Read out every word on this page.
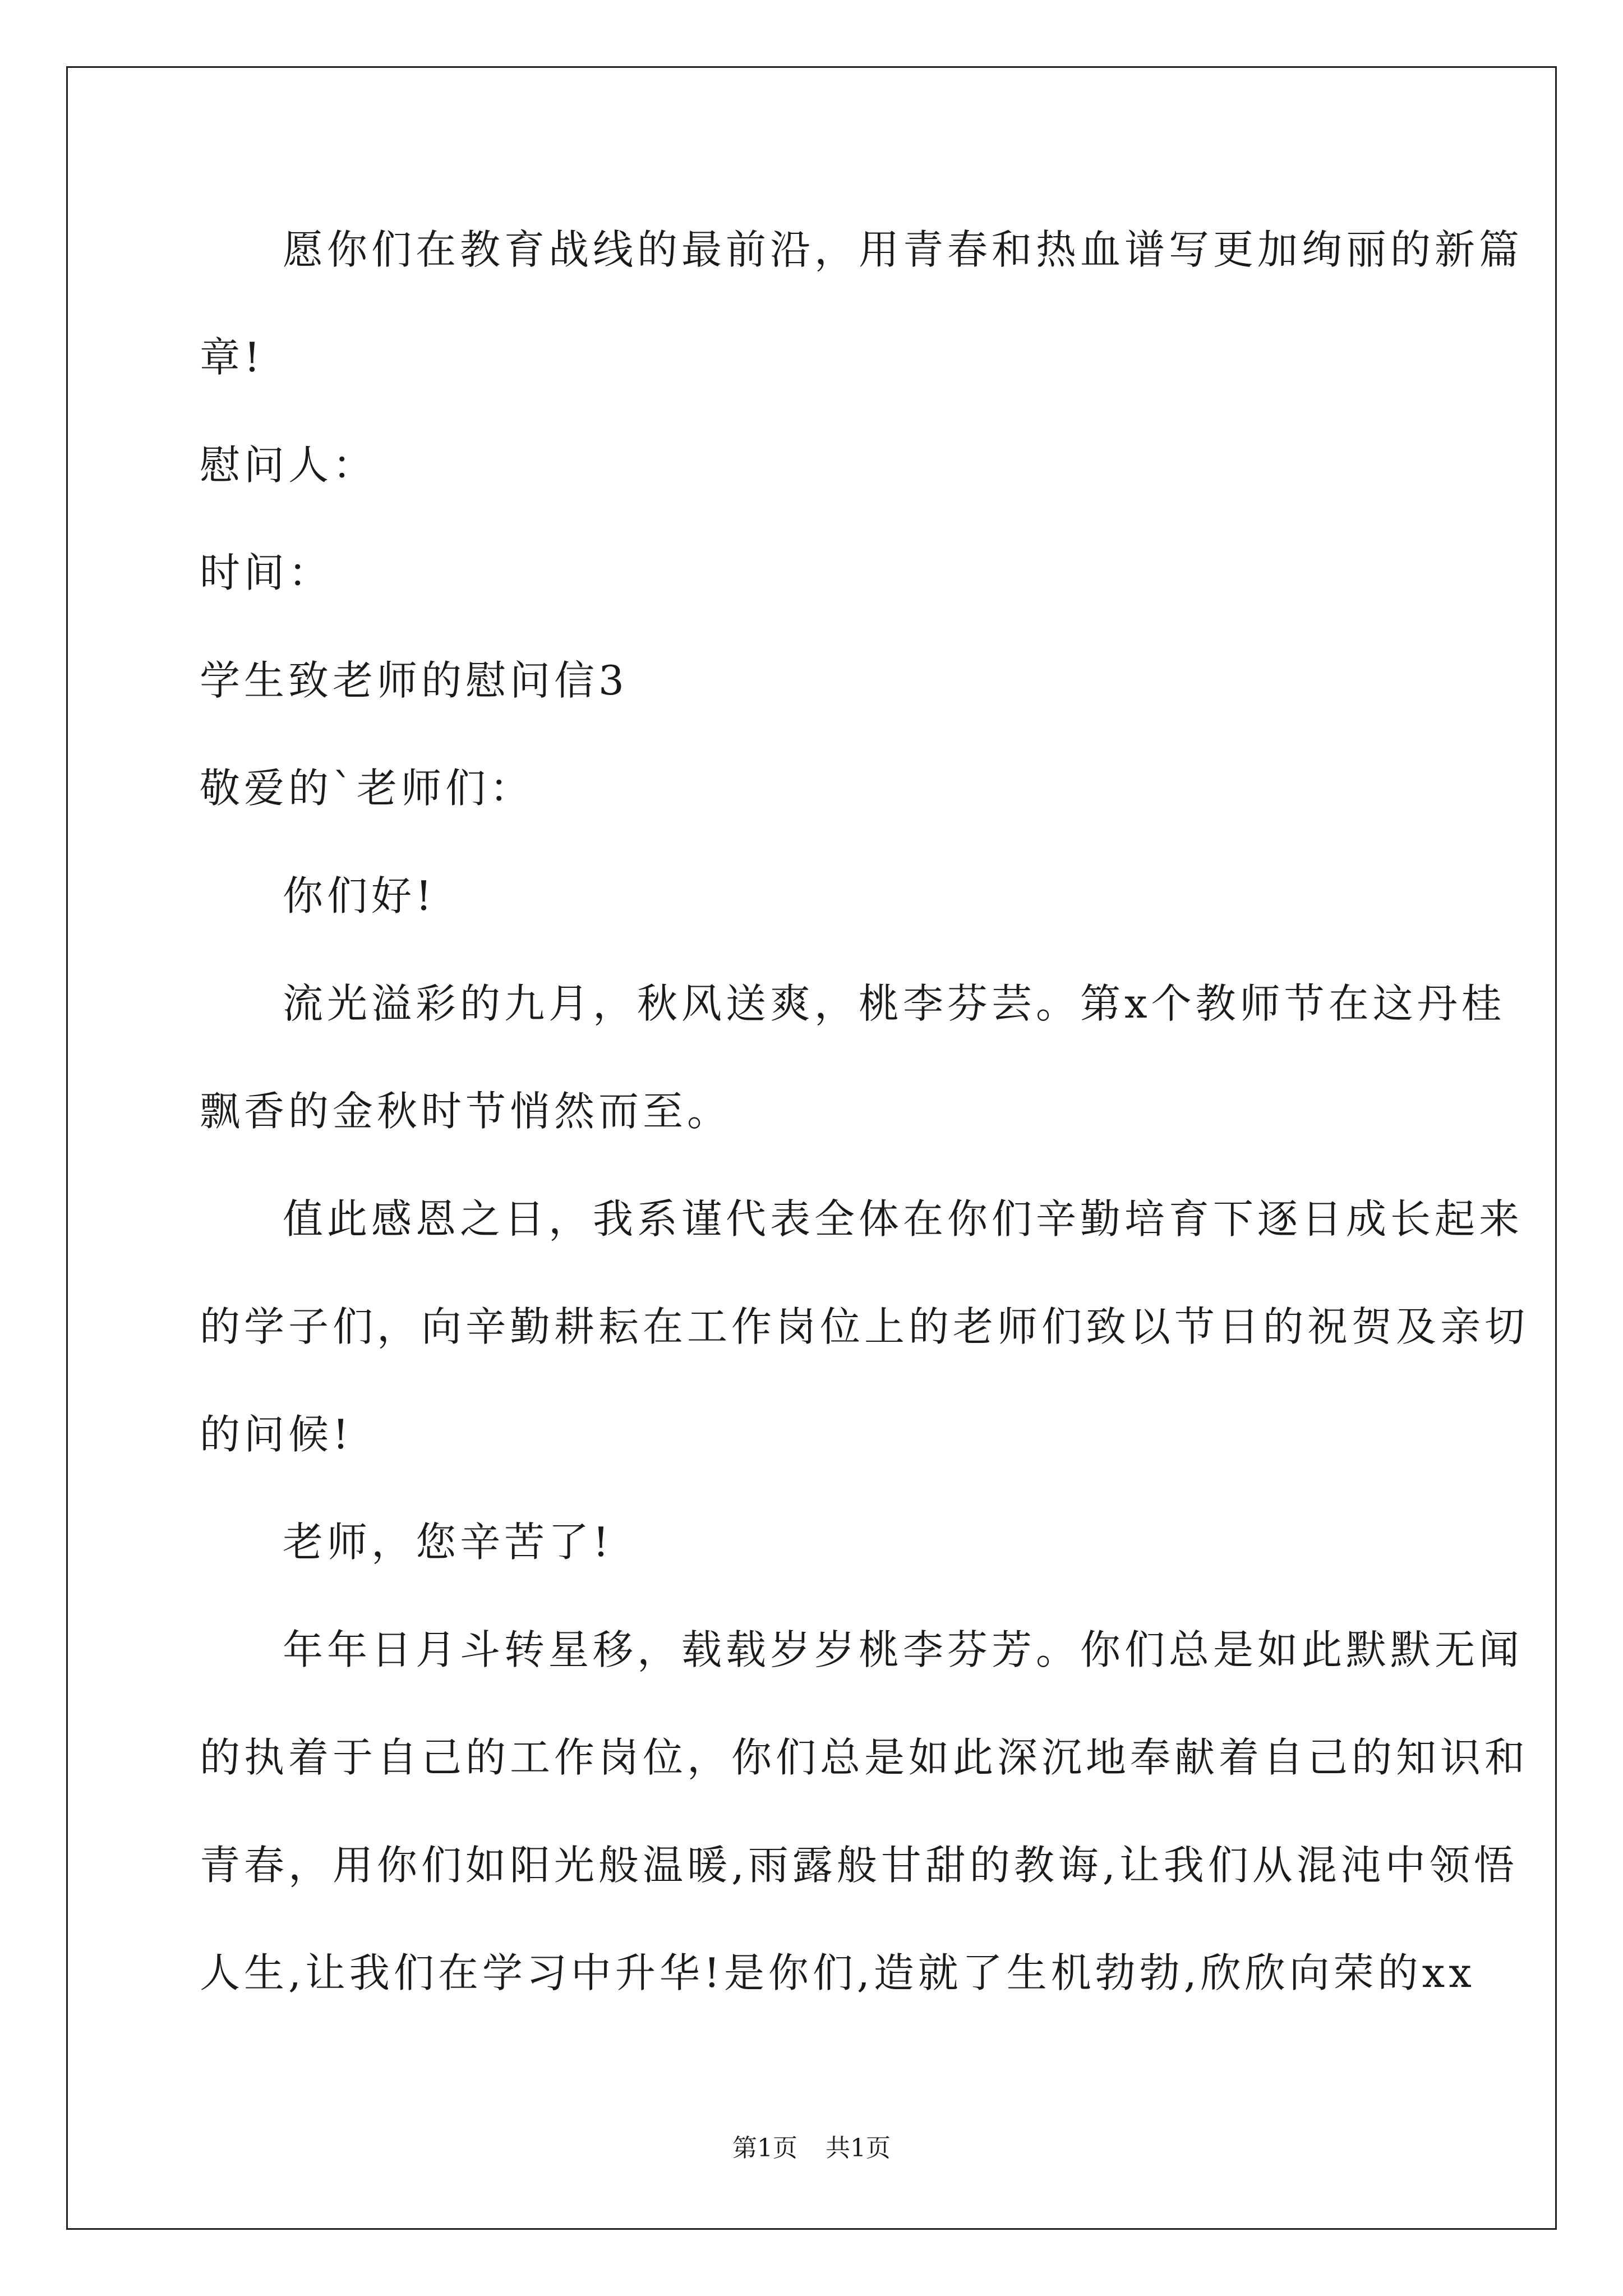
愿你们在教育战线的最前沿，用青春和热血谱写更加绚丽的新篇
章!
慰问人：
时间：
学生致老师的慰问信3
敬爱的`老师们：
你们好!
流光溢彩的九月，秋风送爽，桃李芬芸。第x个教师节在这丹桂
飘香的金秋时节悄然而至。
值此感恩之日，我系谨代表全体在你们辛勤培育下逐日成长起来
的学子们，向辛勤耕耘在工作岗位上的老师们致以节日的祝贺及亲切
的问候!
老师，您辛苦了!
年年日月斗转星移，载载岁岁桃李芬芳。你们总是如此默默无闻
的执着于自己的工作岗位，你们总是如此深沉地奉献着自己的知识和
青春，用你们如阳光般温暖,雨露般甘甜的教诲,让我们从混沌中领悟
人生,让我们在学习中升华!是你们,造就了生机勃勃,欣欣向荣的xx
第1页 共1页
